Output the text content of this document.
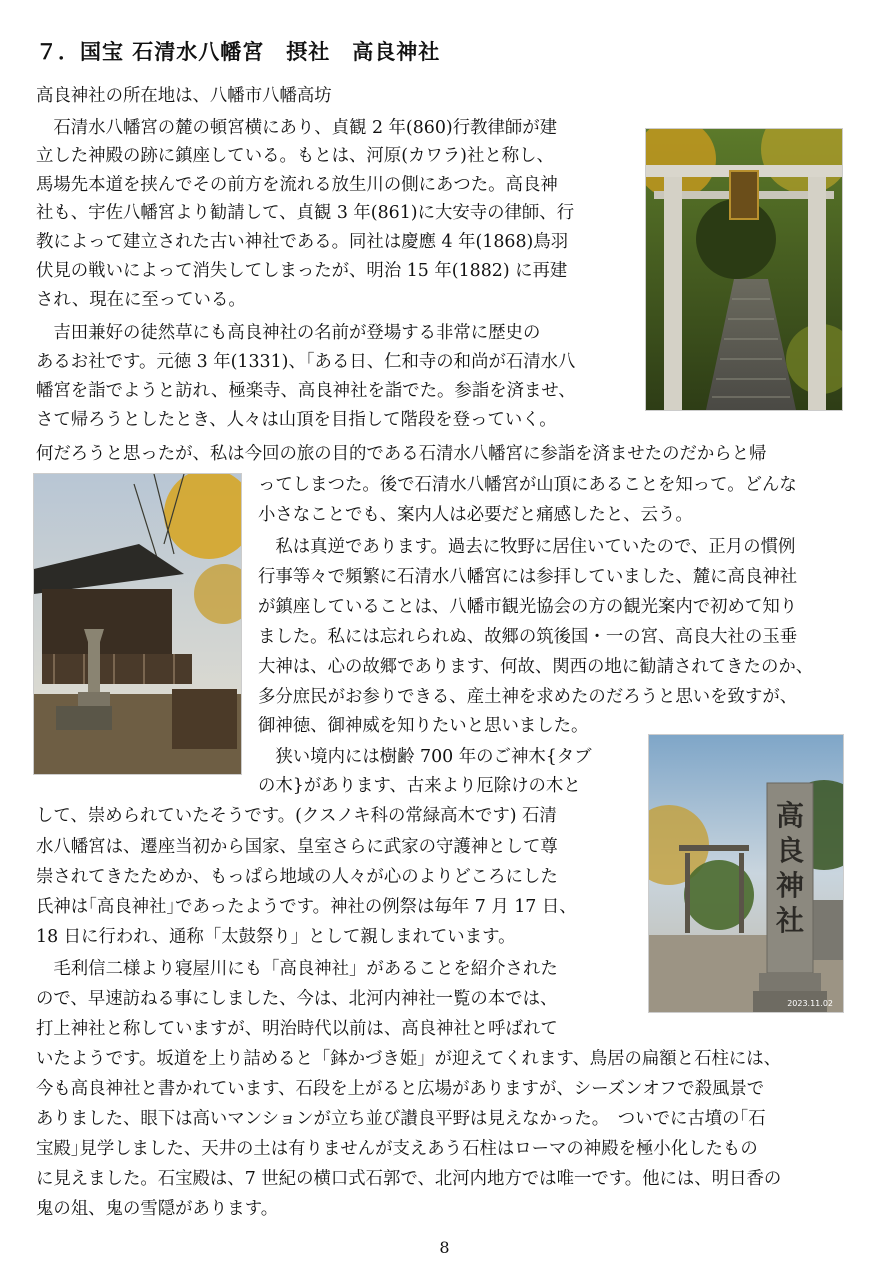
７．国宝 石清水八幡宮　摂社　高良神社
高良神社の所在地は、八幡市八幡高坊
　石清水八幡宮の麓の頓宮横にあり、貞観 2 年(860)行教律師が建
立した神殿の跡に鎮座している。もとは、河原(カワラ)社と称し、
馬場先本道を挟んでその前方を流れる放生川の側にあつた。高良神
社も、宇佐八幡宮より勧請して、貞観 3 年(861)に大安寺の律師、行
教によって建立された古い神社である。同社は慶應 4 年(1868)鳥羽
伏見の戦いによって消失してしまったが、明治 15 年(1882) に再建
され、現在に至っている。
　吉田兼好の徒然草にも高良神社の名前が登場する非常に歴史の
あるお社です。元徳 3 年(1331)、｢ある日、仁和寺の和尚が石清水八
幡宮を詣でようと訪れ、極楽寺、高良神社を詣でた。参詣を済ませ、
さて帰ろうとしたとき、人々は山頂を目指して階段を登っていく。
何だろうと思ったが、私は今回の旅の目的である石清水八幡宮に参詣を済ませたのだからと帰
ってしまつた。後で石清水八幡宮が山頂にあることを知って。どんな
小さなことでも、案内人は必要だと痛感したと、云う。
　私は真逆であります。過去に牧野に居住いていたので、正月の慣例
行事等々で頻繁に石清水八幡宮には参拝していました、麓に高良神社
が鎮座していることは、八幡市観光協会の方の観光案内で初めて知り
ました。私には忘れられぬ、故郷の筑後国・一の宮、高良大社の玉垂
大神は、心の故郷であります、何故、関西の地に勧請されてきたのか、
多分庶民がお参りできる、産土神を求めたのだろうと思いを致すが、
御神徳、御神威を知りたいと思いました。
　狭い境内には樹齢 700 年のご神木{タブ
の木}があります、古来より厄除けの木と
して、崇められていたそうです。(クスノキ科の常緑高木です) 石清
水八幡宮は、遷座当初から国家、皇室さらに武家の守護神として尊
崇されてきたためか、もっぱら地域の人々が心のよりどころにした
氏神は｢高良神社｣であったようです。神社の例祭は毎年 7 月 17 日、
18 日に行われ、通称「太鼓祭り」として親しまれています。
　毛利信二様より寝屋川にも「高良神社」があることを紹介された
ので、早速訪ねる事にしました、今は、北河内神社一覧の本では、
打上神社と称していますが、明治時代以前は、高良神社と呼ばれて
いたようです。坂道を上り詰めると「鉢かづき姫」が迎えてくれます、鳥居の扁額と石柱には、
今も高良神社と書かれています、石段を上がると広場がありますが、シーズンオフで殺風景で
ありました、眼下は高いマンションが立ち並び讃良平野は見えなかった。　ついでに古墳の｢石
宝殿｣見学しました、天井の土は有りませんが支えあう石柱はローマの神殿を極小化したもの
に見えました。石宝殿は、7 世紀の横口式石郭で、北河内地方では唯一です。他には、明日香の
鬼の俎、鬼の雪隠があります。
高
良
神
社
2023.11.02
8
